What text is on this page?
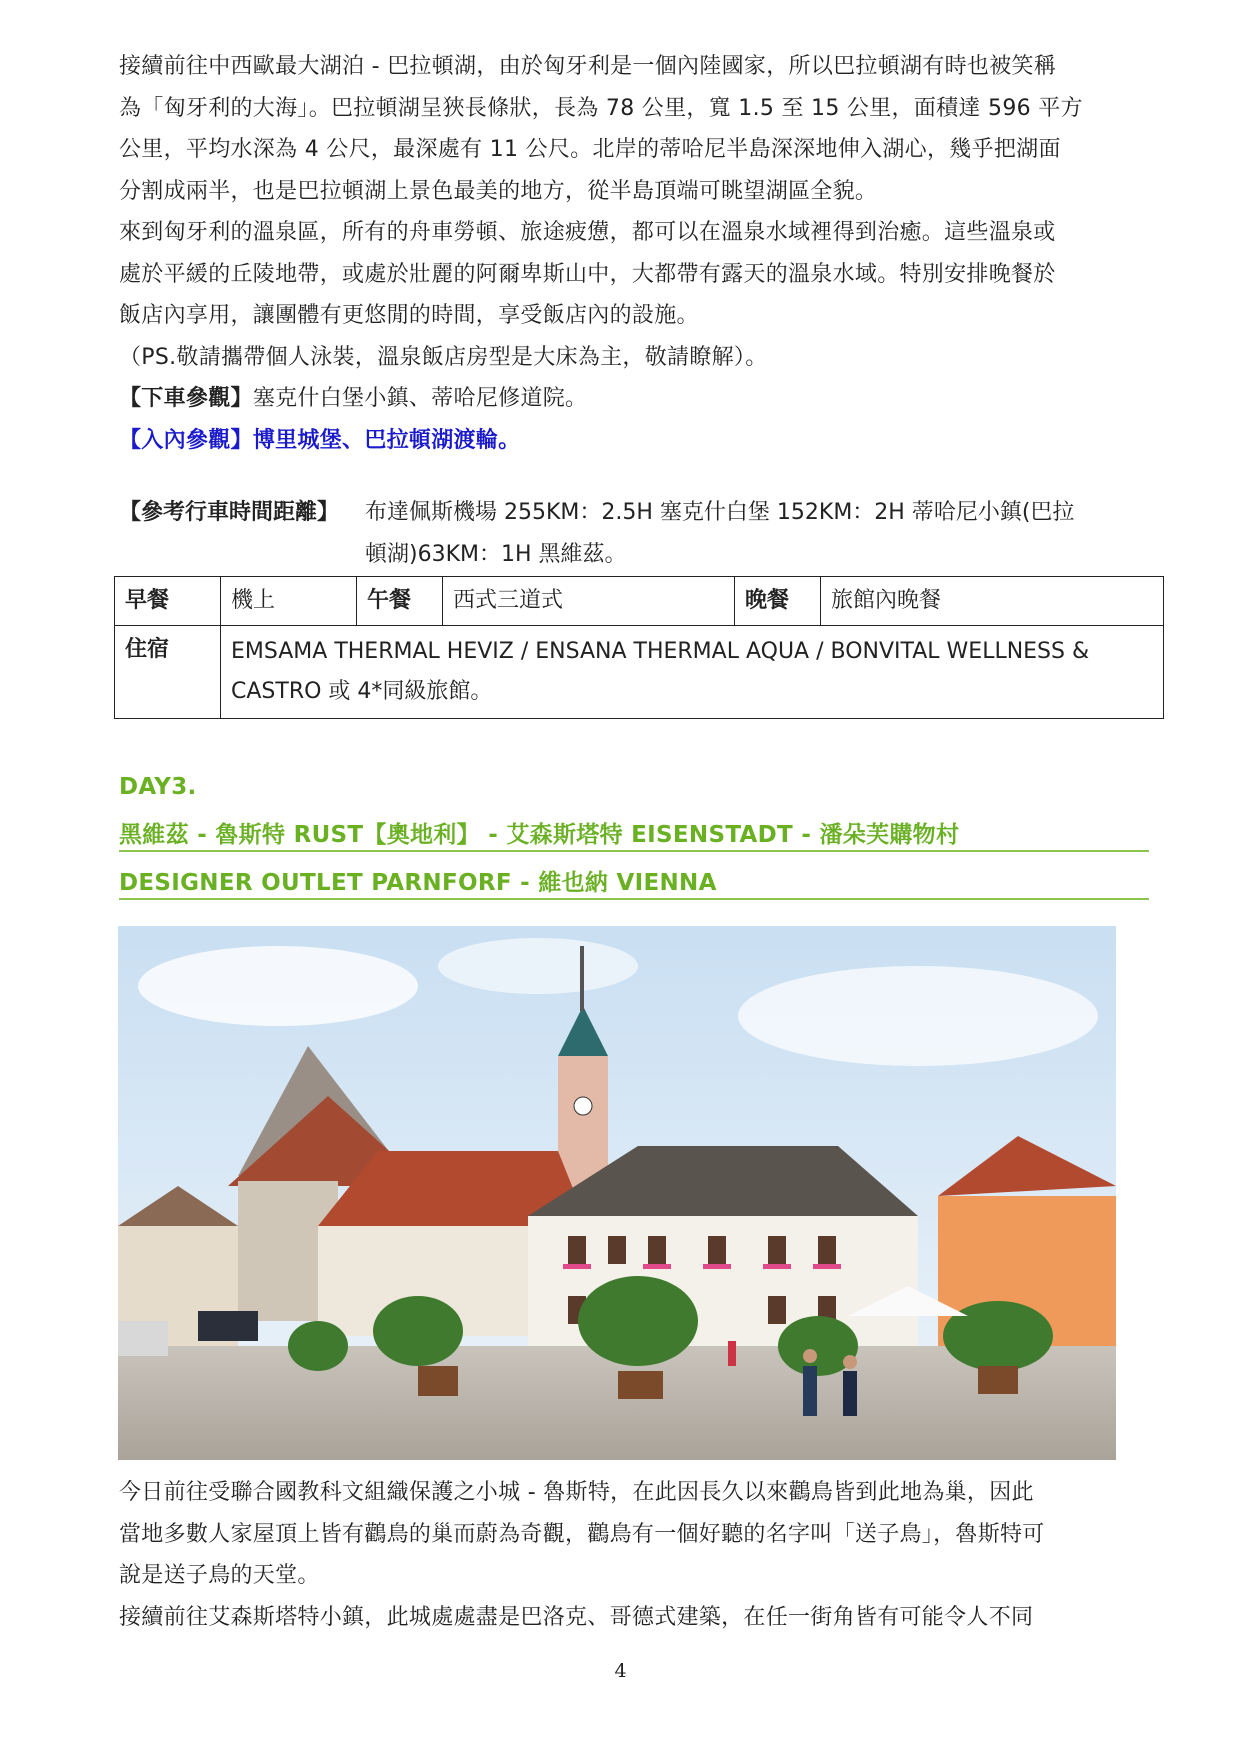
接續前往中西歐最大湖泊 - 巴拉頓湖，由於匈牙利是一個內陸國家，所以巴拉頓湖有時也被笑稱
為「匈牙利的大海」。巴拉頓湖呈狹長條狀，長為 78 公里，寬 1.5 至 15 公里，面積達 596 平方
公里，平均水深為 4 公尺，最深處有 11 公尺。北岸的蒂哈尼半島深深地伸入湖心，幾乎把湖面
分割成兩半，也是巴拉頓湖上景色最美的地方，從半島頂端可眺望湖區全貌。

來到匈牙利的溫泉區，所有的舟車勞頓、旅途疲憊，都可以在溫泉水域裡得到治癒。這些溫泉或
處於平緩的丘陵地帶，或處於壯麗的阿爾卑斯山中，大都帶有露天的溫泉水域。特別安排晚餐於
飯店內享用，讓團體有更悠閒的時間，享受飯店內的設施。

（PS.敬請攜帶個人泳裝，溫泉飯店房型是大床為主，敬請瞭解）。

【下車參觀】塞克什白堡小鎮、蒂哈尼修道院。

【入內參觀】博里城堡、巴拉頓湖渡輪。

【參考行車時間距離】 布達佩斯機場 255KM：2.5H 塞克什白堡 152KM：2H 蒂哈尼小鎮(巴拉
頓湖)63KM：1H 黑維茲。
早餐	機上	午餐	西式三道式	晚餐	旅館內晚餐
住宿	EMSAMA THERMAL HEVIZ / ENSANA THERMAL AQUA / BONVITAL WELLNESS & CASTRO 或 4*同級旅館。				
DAY3.
黑維茲 - 魯斯特 RUST【奧地利】 - 艾森斯塔特 EISENSTADT - 潘朵芙購物村
DESIGNER OUTLET PARNFORF - 維也納 VIENNA

今日前往受聯合國教科文組織保護之小城 - 魯斯特，在此因長久以來鸛鳥皆到此地為巢，因此
當地多數人家屋頂上皆有鸛鳥的巢而蔚為奇觀，鸛鳥有一個好聽的名字叫「送子鳥」，魯斯特可
說是送子鳥的天堂。

接續前往艾森斯塔特小鎮，此城處處盡是巴洛克、哥德式建築，在任一街角皆有可能令人不同

4
